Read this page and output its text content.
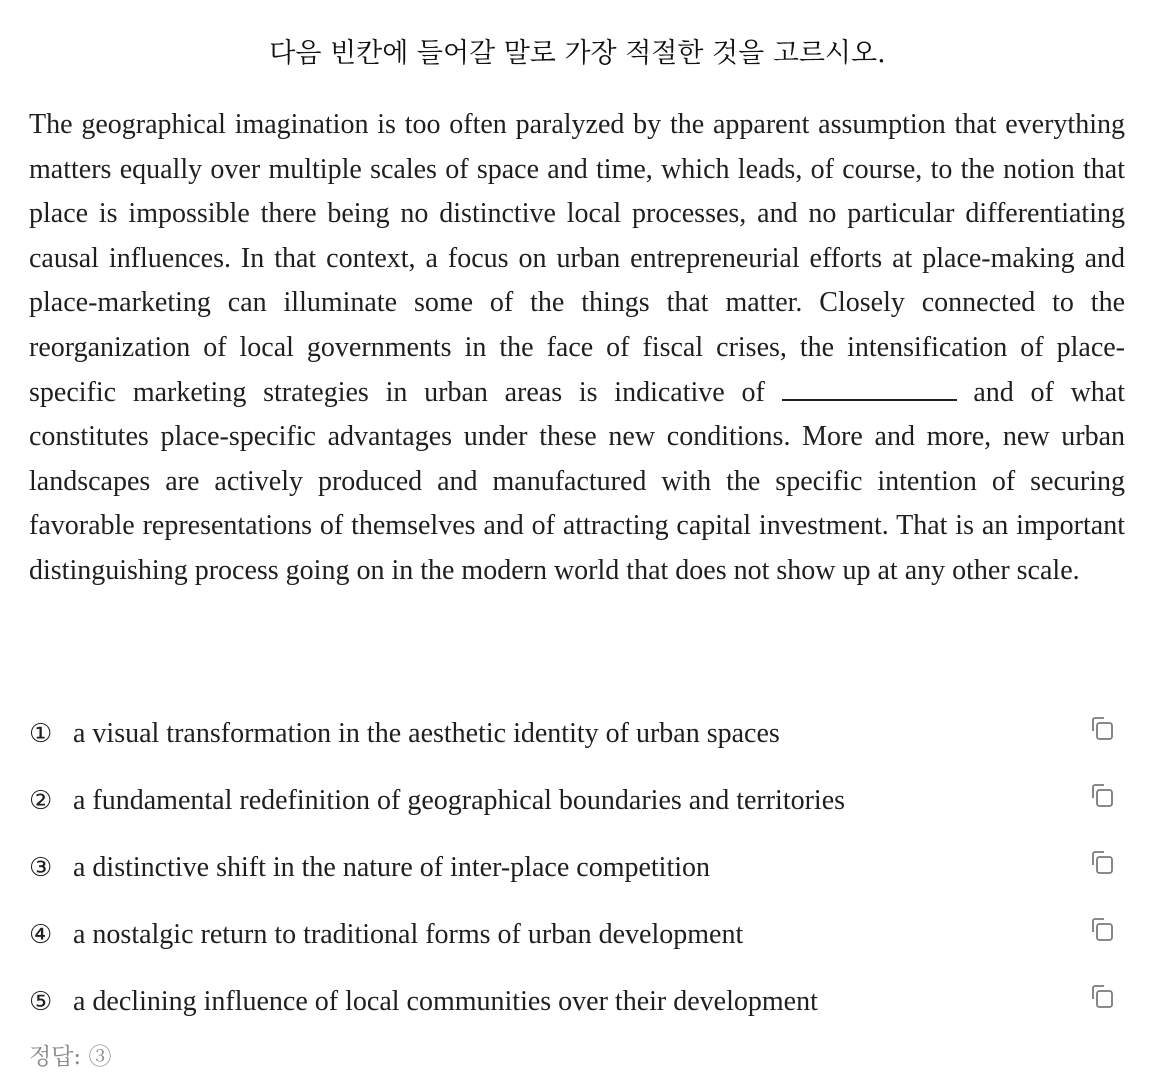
다음 빈칸에 들어갈 말로 가장 적절한 것을 고르시오.

The geographical imagination is too often paralyzed by the apparent assumption that everything matters equally over multiple scales of space and time, which leads, of course, to the notion that place is impossible there being no distinctive local processes, and no particular differentiating causal influences. In that context, a focus on urban entrepreneurial efforts at place-making and place-marketing can illuminate some of the things that matter. Closely connected to the reorganization of local governments in the face of fiscal crises, the intensification of place-specific marketing strategies in urban areas is indicative of	and of what constitutes place-specific advantages under these new conditions. More and more, new urban landscapes are actively produced and manufactured with the specific intention of securing favorable representations of themselves and of attracting capital investment. That is an important distinguishing process going on in the modern world that does not show up at any other scale.

① a visual transformation in the aesthetic identity of urban spaces
② a fundamental redefinition of geographical boundaries and territories
③ a distinctive shift in the nature of inter-place competition
④ a nostalgic return to traditional forms of urban development
⑤ a declining influence of local communities over their development

정답: ③
